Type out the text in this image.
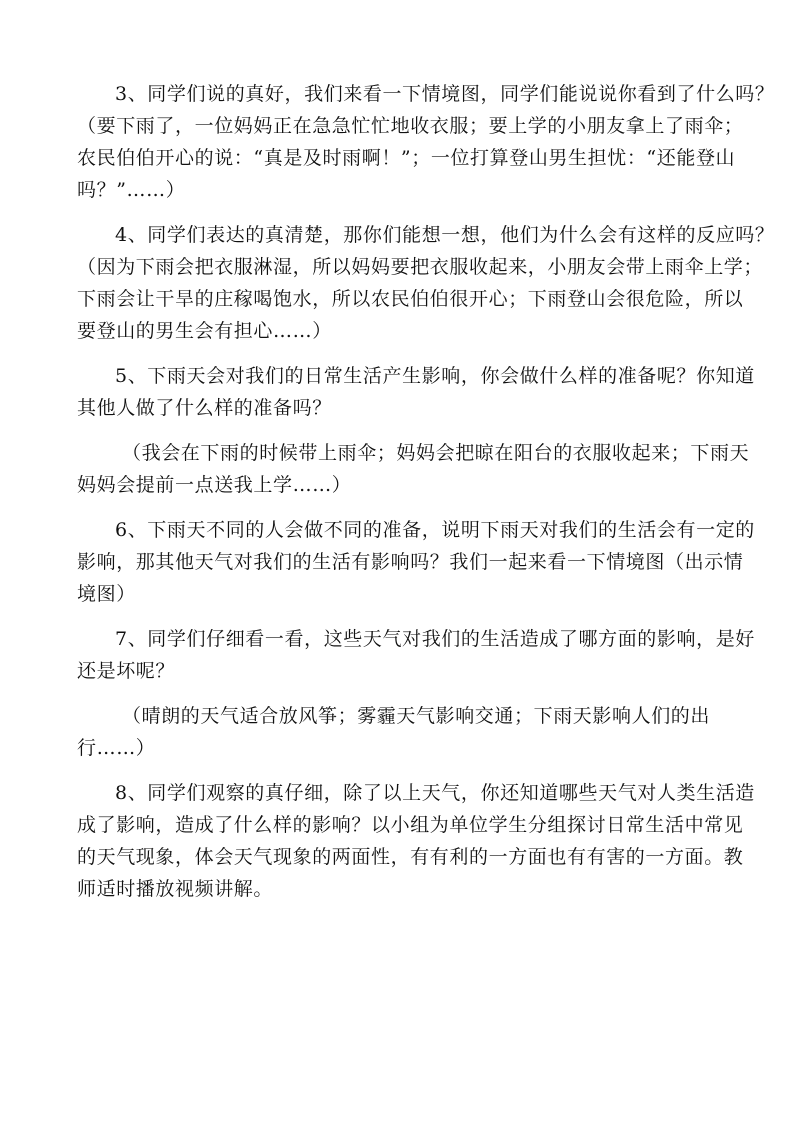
3、同学们说的真好，我们来看一下情境图，同学们能说说你看到了什么吗？
（要下雨了，一位妈妈正在急急忙忙地收衣服；要上学的小朋友拿上了雨伞；
农民伯伯开心的说：“真是及时雨啊！”；一位打算登山男生担忧：“还能登山
吗？”……）

4、同学们表达的真清楚，那你们能想一想，他们为什么会有这样的反应吗？
（因为下雨会把衣服淋湿，所以妈妈要把衣服收起来，小朋友会带上雨伞上学；
下雨会让干旱的庄稼喝饱水，所以农民伯伯很开心；下雨登山会很危险，所以
要登山的男生会有担心……）

5、下雨天会对我们的日常生活产生影响，你会做什么样的准备呢？你知道
其他人做了什么样的准备吗？

（我会在下雨的时候带上雨伞；妈妈会把晾在阳台的衣服收起来；下雨天
妈妈会提前一点送我上学……）

6、下雨天不同的人会做不同的准备，说明下雨天对我们的生活会有一定的
影响，那其他天气对我们的生活有影响吗？我们一起来看一下情境图（出示情
境图）

7、同学们仔细看一看，这些天气对我们的生活造成了哪方面的影响，是好
还是坏呢？

（晴朗的天气适合放风筝；雾霾天气影响交通；下雨天影响人们的出
行……）

8、同学们观察的真仔细，除了以上天气，你还知道哪些天气对人类生活造
成了影响，造成了什么样的影响？以小组为单位学生分组探讨日常生活中常见
的天气现象，体会天气现象的两面性，有有利的一方面也有有害的一方面。教
师适时播放视频讲解。
